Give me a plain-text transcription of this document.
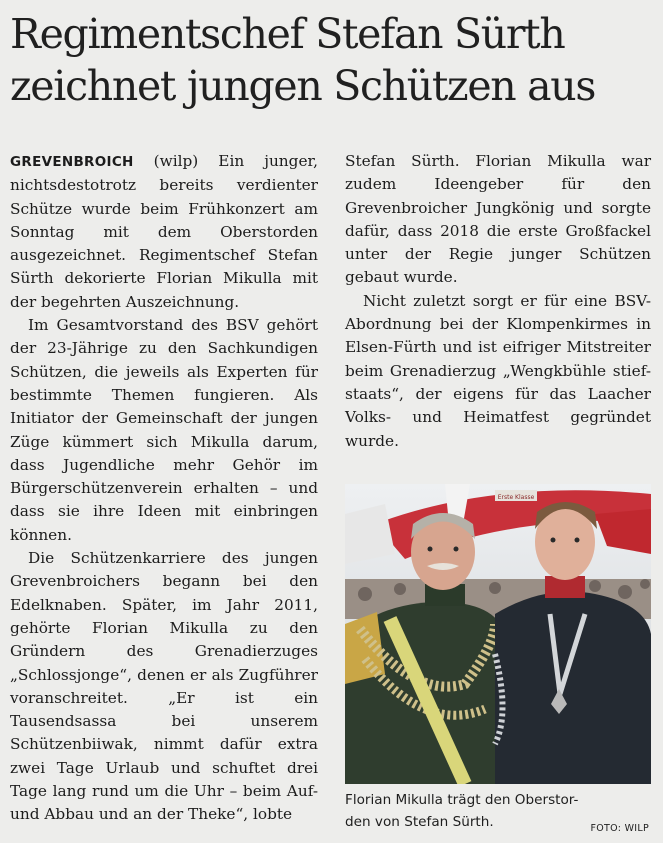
Regimentschef Stefan Sürth
zeichnet jungen Schützen aus

GREVENBROICH (wilp) Ein junger, nichtsdestotrotz bereits verdienter Schütze wurde beim Frühkonzert am Sonntag mit dem Oberstorden ausgezeichnet. Regimentschef Stefan Sürth dekorierte Florian Mikulla mit der begehrten Auszeichnung.

Im Gesamtvorstand des BSV gehört der 23-Jährige zu den Sachkundigen Schützen, die jeweils als Experten für bestimmte Themen fungieren. Als Initiator der Gemeinschaft der jungen Züge kümmert sich Mikulla darum, dass Jugendliche mehr Gehör im Bürgerschützenverein erhalten – und dass sie ihre Ideen mit einbringen können.

Die Schützenkarriere des jungen Grevenbroichers begann bei den Edelknaben. Später, im Jahr 2011, gehörte Florian Mikulla zu den Gründern des Grenadierzuges „Schlossjonge“, denen er als Zugführer voranschreitet. „Er ist ein Tausendsassa bei unserem Schützenbiiwak, nimmt dafür extra zwei Tage Urlaub und schuftet drei Tage lang rund um die Uhr – beim Auf- und Abbau und an der Theke“, lobte

Stefan Sürth. Florian Mikulla war zudem Ideengeber für den Grevenbroicher Jungkönig und sorgte dafür, dass 2018 die erste Großfackel unter der Regie junger Schützen gebaut wurde.

Nicht zuletzt sorgt er für eine BSV-Abordnung bei der Klompenkirmes in Elsen-Fürth und ist eifriger Mitstreiter beim Grenadierzug „Wengkbühle stief-staats“, der eigens für das Laacher Volks- und Heimatfest gegründet wurde.

Erste Klasse
Florian Mikulla trägt den Oberstor-
den von Stefan Sürth.	FOTO: WILP
